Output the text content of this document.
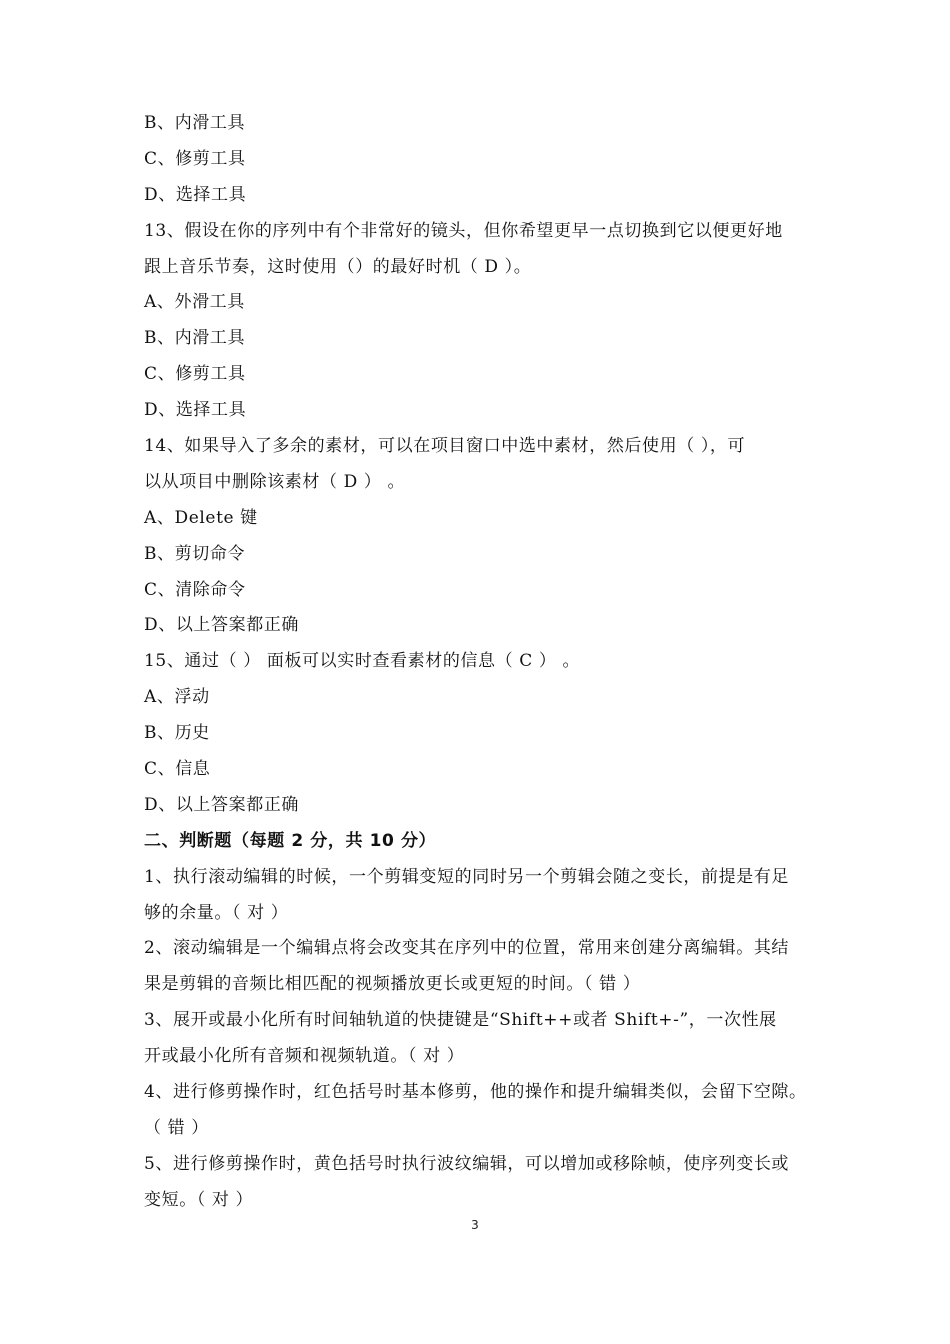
B、内滑工具
C、修剪工具
D、选择工具
13、假设在你的序列中有个非常好的镜头，但你希望更早一点切换到它以便更好地
跟上音乐节奏，这时使用（）的最好时机（ D ）。
A、外滑工具
B、内滑工具
C、修剪工具
D、选择工具
14、如果导入了多余的素材，可以在项目窗口中选中素材，然后使用（ ），可
以从项目中删除该素材（ D ） 。
A、Delete 键
B、剪切命令
C、清除命令
D、以上答案都正确
15、通过（ ） 面板可以实时查看素材的信息（ C ） 。
A、浮动
B、历史
C、信息
D、以上答案都正确
二、判断题（每题 2 分，共 10 分）
1、执行滚动编辑的时候，一个剪辑变短的同时另一个剪辑会随之变长，前提是有足
够的余量。（ 对 ）
2、滚动编辑是一个编辑点将会改变其在序列中的位置，常用来创建分离编辑。其结
果是剪辑的音频比相匹配的视频播放更长或更短的时间。（ 错 ）
3、展开或最小化所有时间轴轨道的快捷键是“Shift++或者 Shift+-”，一次性展
开或最小化所有音频和视频轨道。（ 对 ）
4、进行修剪操作时，红色括号时基本修剪，他的操作和提升编辑类似，会留下空隙。
（ 错 ）
5、进行修剪操作时，黄色括号时执行波纹编辑，可以增加或移除帧，使序列变长或
变短。（ 对 ）
3
